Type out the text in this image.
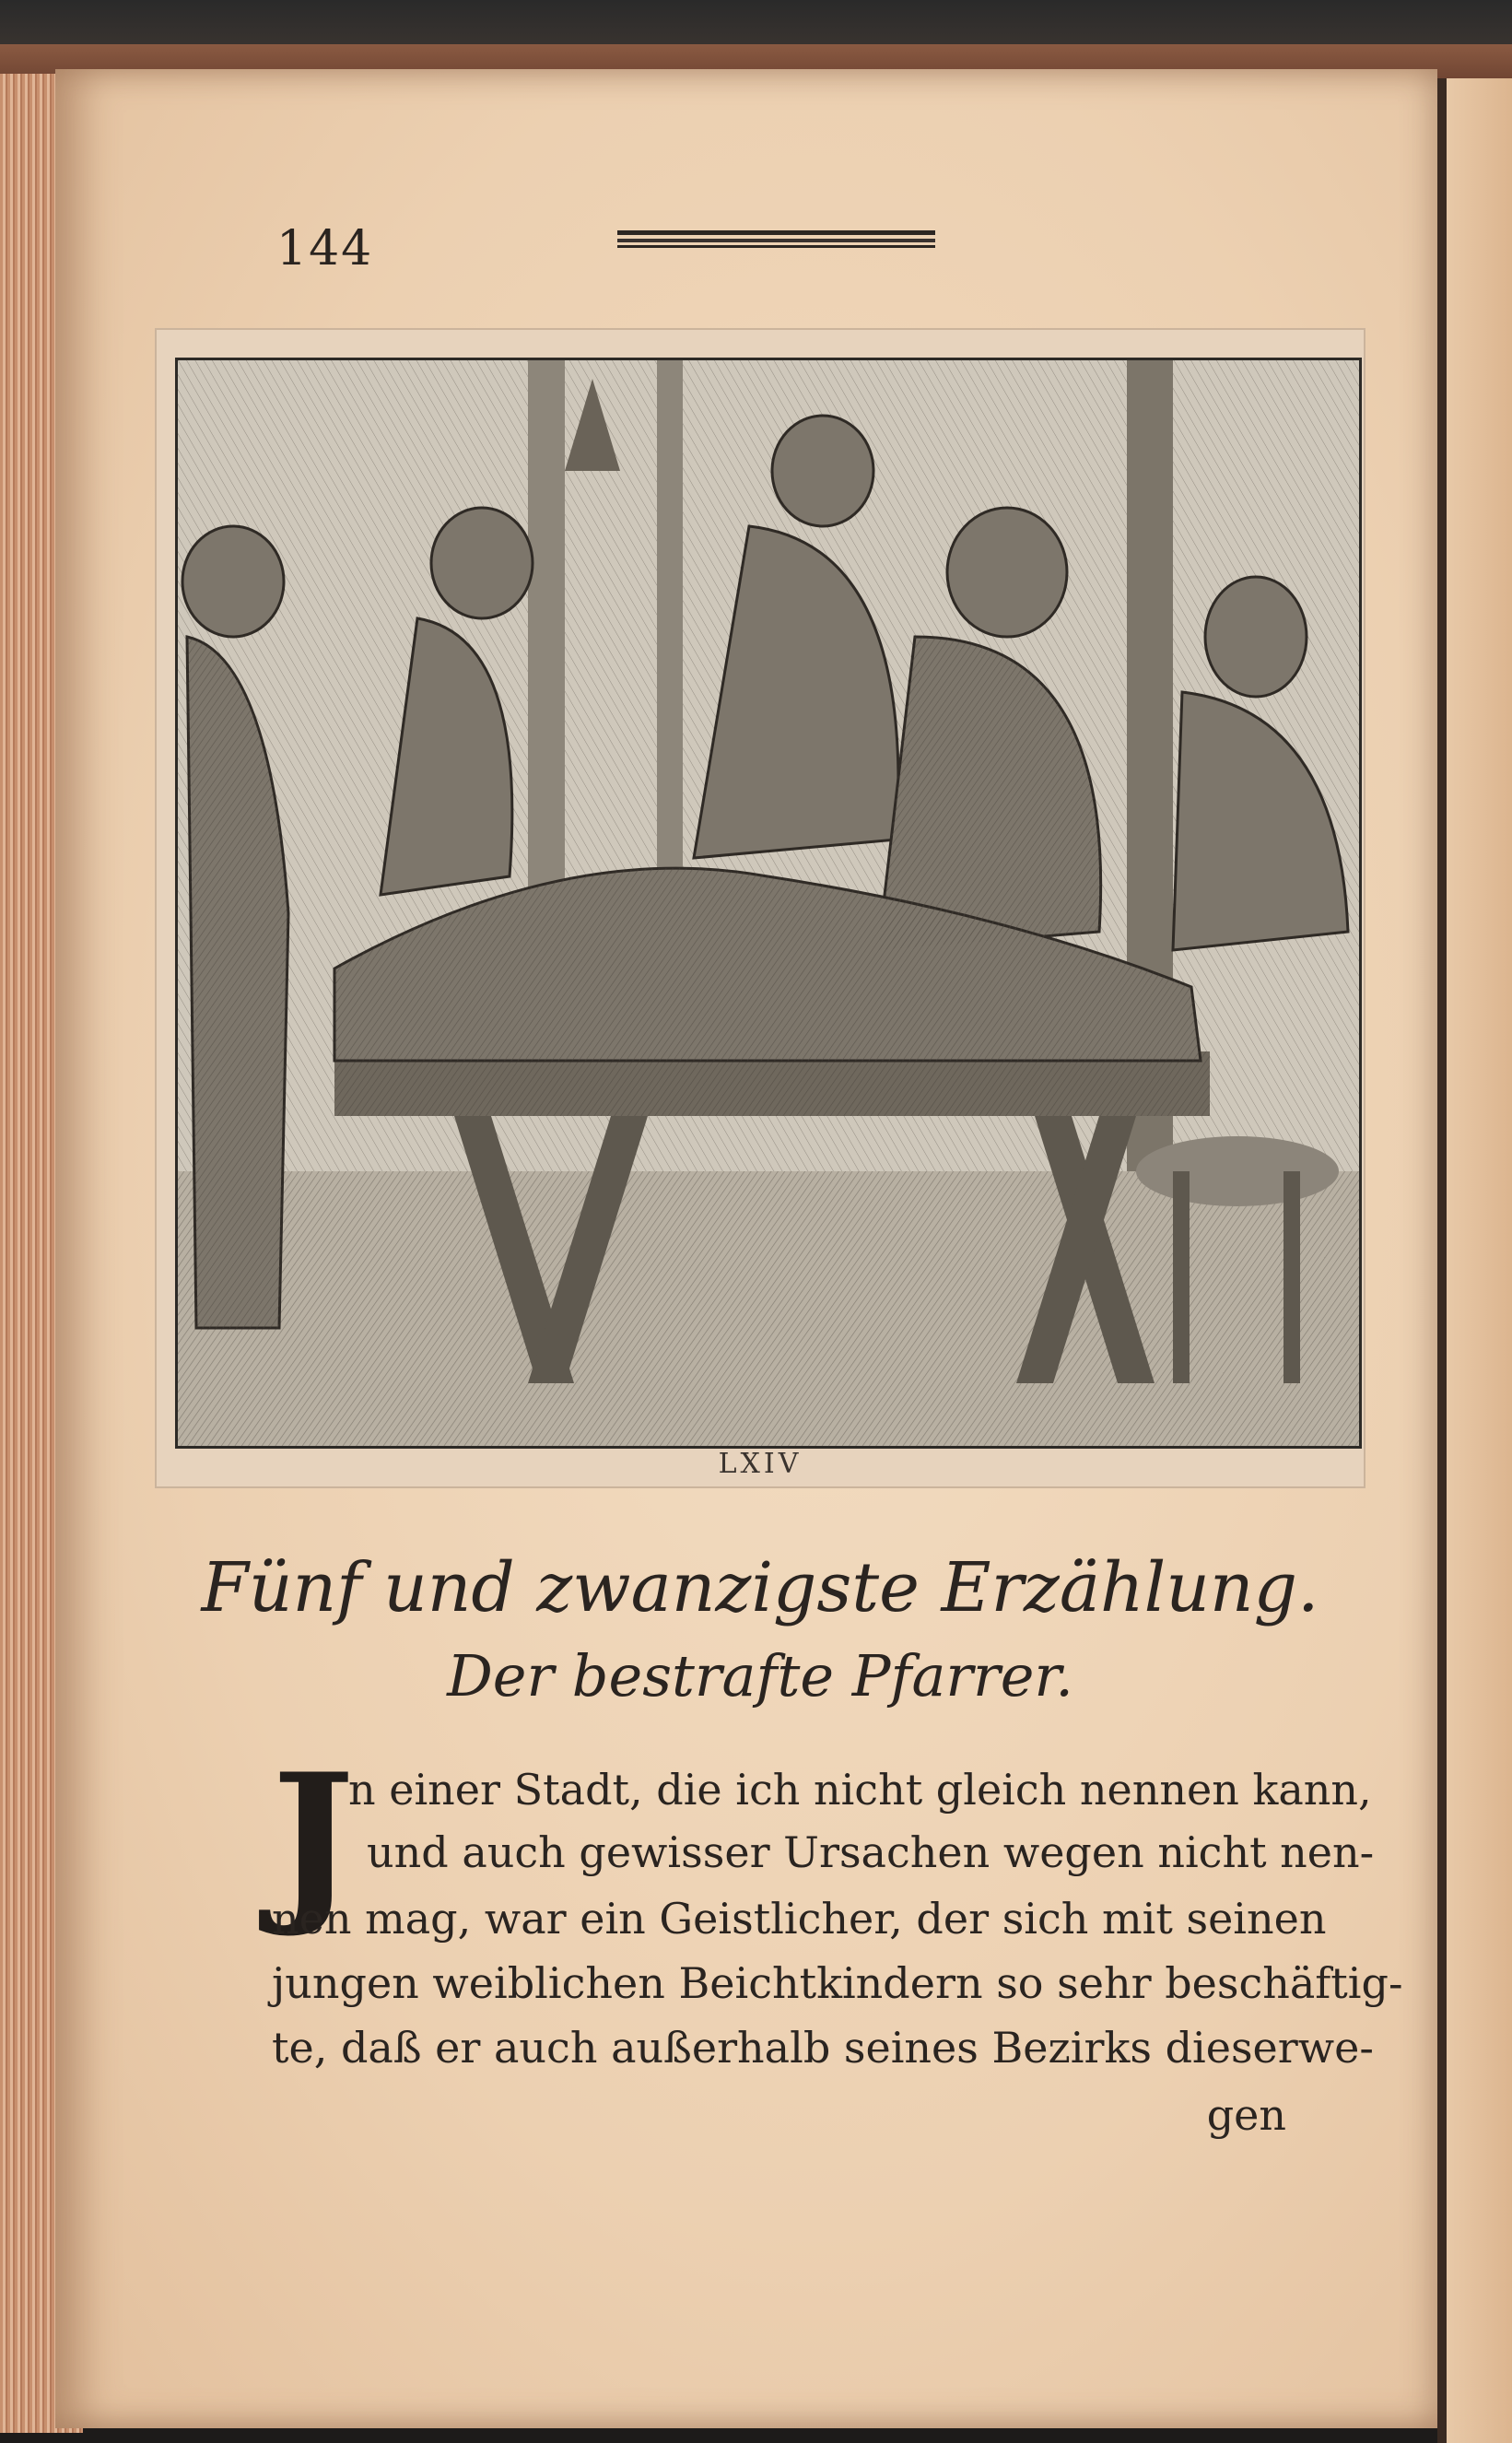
144
LXIV
Fünf und zwanzigste Erzählung.
Der bestrafte Pfarrer.
J
n einer Stadt, die ich nicht gleich nennen kann,
und auch gewisser Ursachen wegen nicht nen-
nen mag, war ein Geistlicher, der sich mit seinen
jungen weiblichen Beichtkindern so sehr beschäftig-
te, daß er auch außerhalb seines Bezirks dieserwe-
gen
